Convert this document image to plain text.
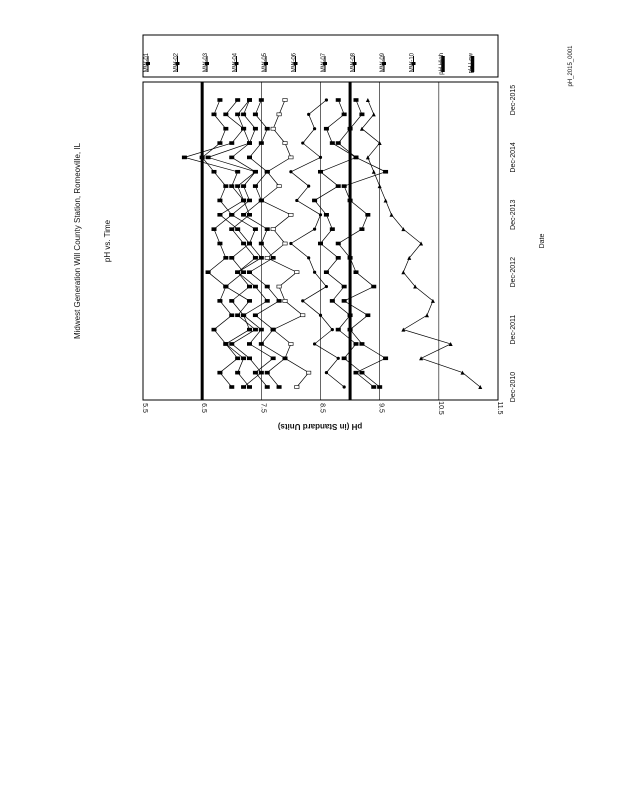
5.5	6.5	7.5	8.5	9.5	10.5	11.5
Dec-2010
Dec-2011
Dec-2012
Dec-2013
Dec-2014
Dec-2015
MW-01	MW-02	MW-03	MW-04	MW-05	MW-06	MW-07	MW-08	MW-09	MW-10	pH High	pH Low
Midwest Generation Will County Station, Romeoville, IL	pH vs. Time
pH (in Standard Units)
Date
pH_2015_0001
